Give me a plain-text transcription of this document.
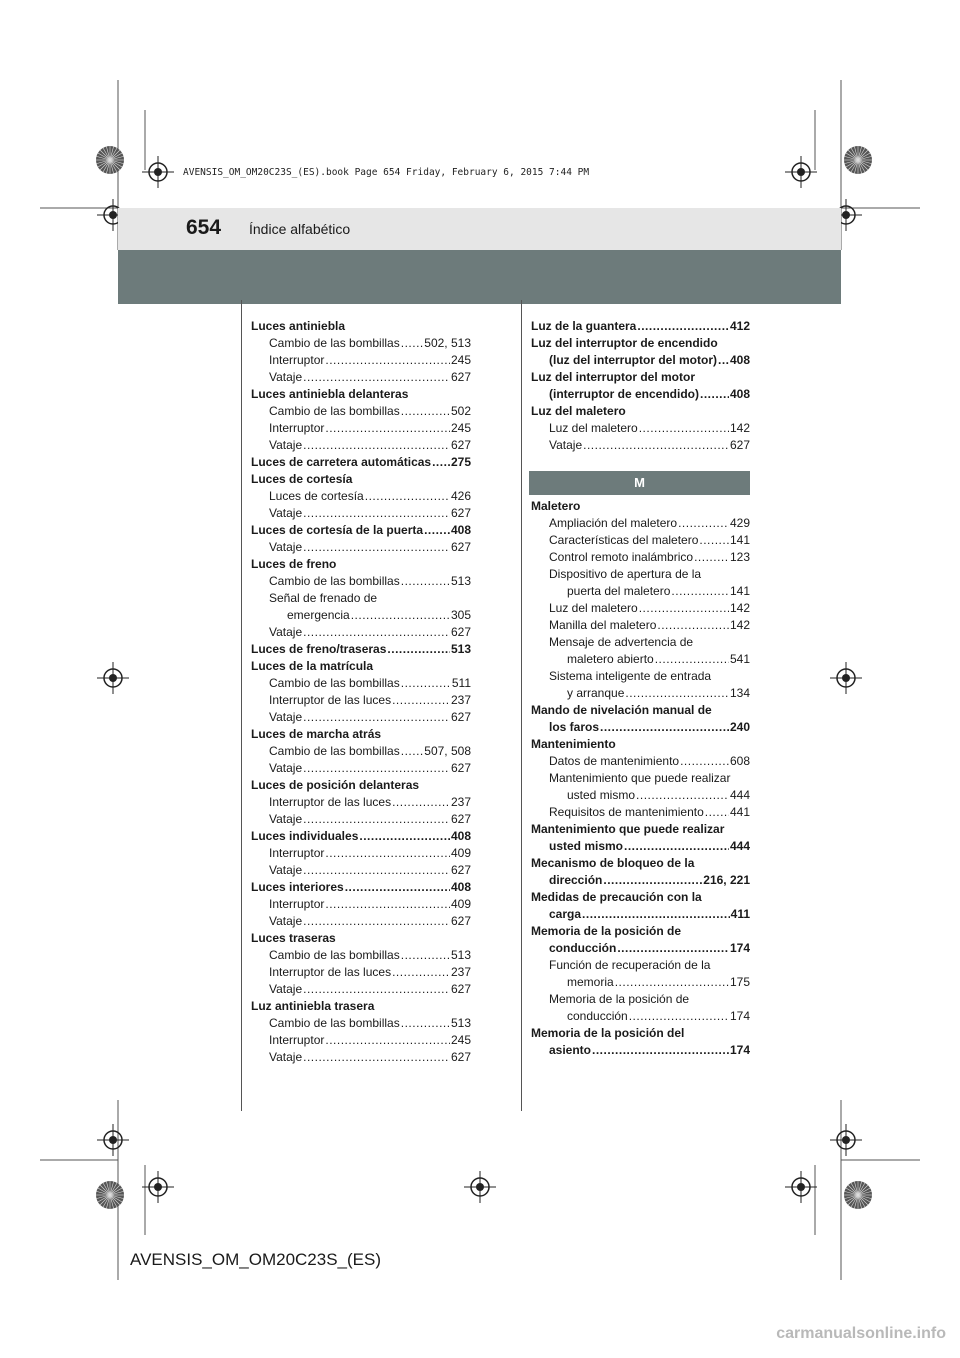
654 Índice alfabético
AVENSIS_OM_OM20C23S_(ES).book Page 654 Friday, February 6, 2015 7:44 PM
Luces antiniebla
Cambio de las bombillas ..... 502, 513
Interruptor .....	245
Vataje .....	627
Luces antiniebla delanteras
Cambio de las bombillas .....	502
Interruptor .....	245
Vataje .....	627
Luces de carretera automáticas ..... 275
Luces de cortesía
Luces de cortesía .....	426
Vataje .....	627
Luces de cortesía de la puerta ..... 408
Vataje .....	627
Luces de freno
Cambio de las bombillas .....	513
Señal de frenado de
emergencia .....	305
Vataje .....	627
Luces de freno/traseras .....	513
Luces de la matrícula
Cambio de las bombillas .....	511
Interruptor de las luces .....	237
Vataje .....	627
Luces de marcha atrás
Cambio de las bombillas ..... 507, 508
Vataje .....	627
Luces de posición delanteras
Interruptor de las luces .....	237
Vataje .....	627
Luces individuales .....	408
Interruptor .....	409
Vataje .....	627
Luces interiores .....	408
Interruptor .....	409
Vataje .....	627
Luces traseras
Cambio de las bombillas .....	513
Interruptor de las luces .....	237
Vataje .....	627
Luz antiniebla trasera
Cambio de las bombillas .....	513
Interruptor .....	245
Vataje .....	627
Luz de la guantera .....	412
Luz del interruptor de encendido
(luz del interruptor del motor) ..... 408
Luz del interruptor del motor
(interruptor de encendido) .....	408
Luz del maletero
Luz del maletero .....	142
Vataje .....	627
M
Maletero
Ampliación del maletero .....	429
Características del maletero .....	141
Control remoto inalámbrico .....	123
Dispositivo de apertura de la
puerta del maletero .....	141
Luz del maletero .....	142
Manilla del maletero .....	142
Mensaje de advertencia de
maletero abierto .....	541
Sistema inteligente de entrada
y arranque .....	134
Mando de nivelación manual de
los faros .....	240
Mantenimiento
Datos de mantenimiento .....	608
Mantenimiento que puede realizar
usted mismo .....	444
Requisitos de mantenimiento ..... 441
Mantenimiento que puede realizar
usted mismo .....	444
Mecanismo de bloqueo de la
dirección .....	216, 221
Medidas de precaución con la
carga .....	411
Memoria de la posición de
conducción .....	174
Función de recuperación de la
memoria .....	175
Memoria de la posición de
conducción .....	174
Memoria de la posición del
asiento .....	174
AVENSIS_OM_OM20C23S_(ES)
carmanualsonline.info
